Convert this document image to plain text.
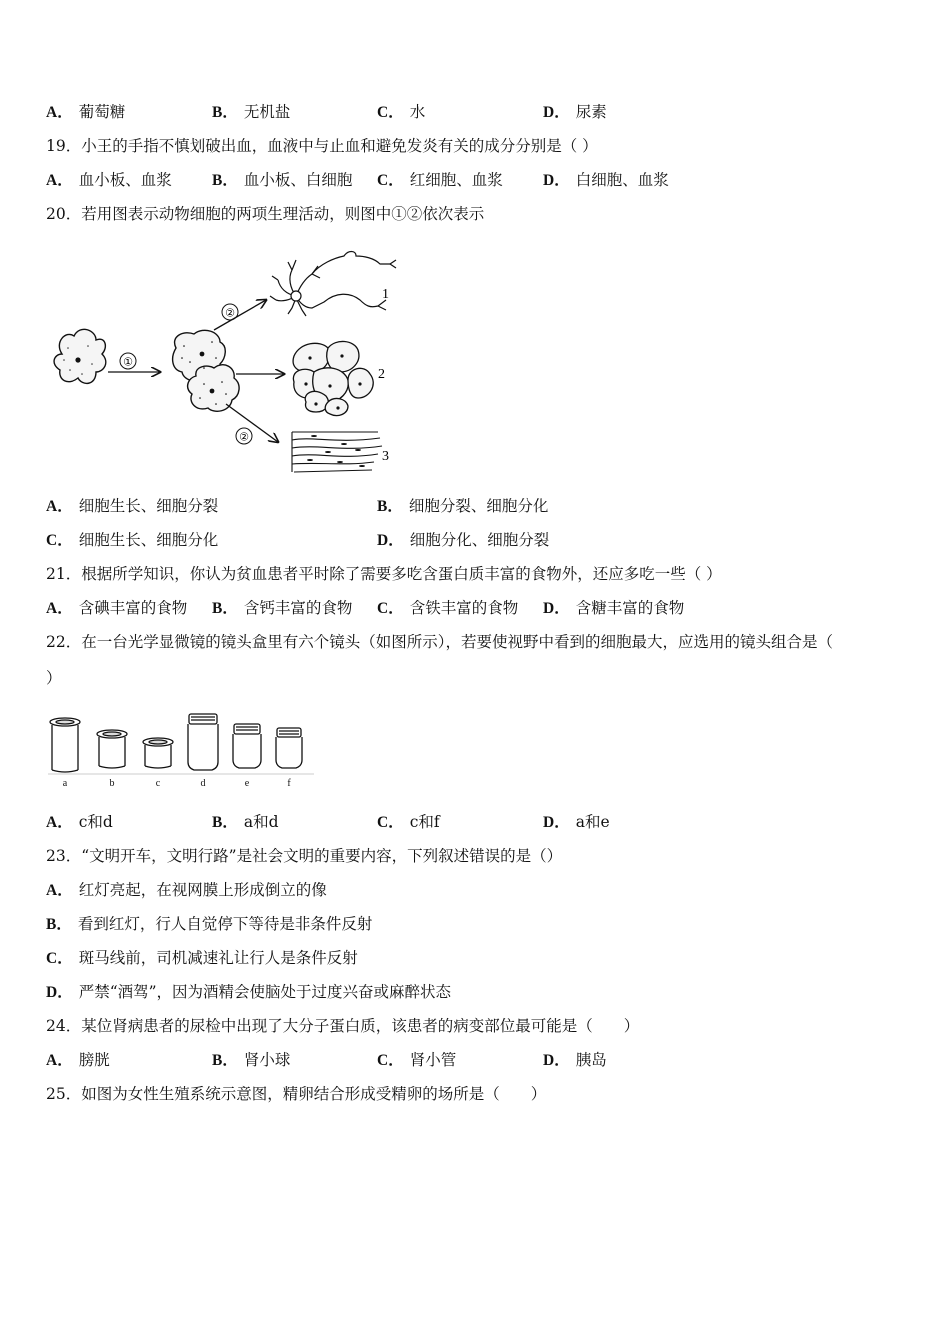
A． 葡萄糖	B． 无机盐	C． 水	D． 尿素
19．小王的手指不慎划破出血，血液中与止血和避免发炎有关的成分分别是（ ）
A． 血小板、血浆	B． 血小板、白细胞 C． 红细胞、血浆	D． 白细胞、血浆
20．若用图表示动物细胞的两项生理活动，则图中①②依次表示
①
②
②
1
2
3
A． 细胞生长、细胞分裂	B． 细胞分裂、细胞分化
C． 细胞生长、细胞分化	D． 细胞分化、细胞分裂
21．根据所学知识，你认为贫血患者平时除了需要多吃含蛋白质丰富的食物外，还应多吃一些（ ）
A． 含碘丰富的食物 B． 含钙丰富的食物 C． 含铁丰富的食物 D． 含糖丰富的食物
22．在一台光学显微镜的镜头盒里有六个镜头（如图所示），若要使视野中看到的细胞最大，应选用的镜头组合是（
）
a	b	c	d	e	f
A． c和d	B． a和d	C． c和f	D． a和e
23．“文明开车，文明行路”是社会文明的重要内容，下列叙述错误的是（）
A． 红灯亮起，在视网膜上形成倒立的像
B． 看到红灯，行人自觉停下等待是非条件反射
C． 斑马线前，司机减速礼让行人是条件反射
D． 严禁“酒驾”，因为酒精会使脑处于过度兴奋或麻醉状态
24．某位肾病患者的尿检中出现了大分子蛋白质，该患者的病变部位最可能是（　　）
A． 膀胱	B． 肾小球	C． 肾小管	D． 胰岛
25．如图为女性生殖系统示意图，精卵结合形成受精卵的场所是（　　）
